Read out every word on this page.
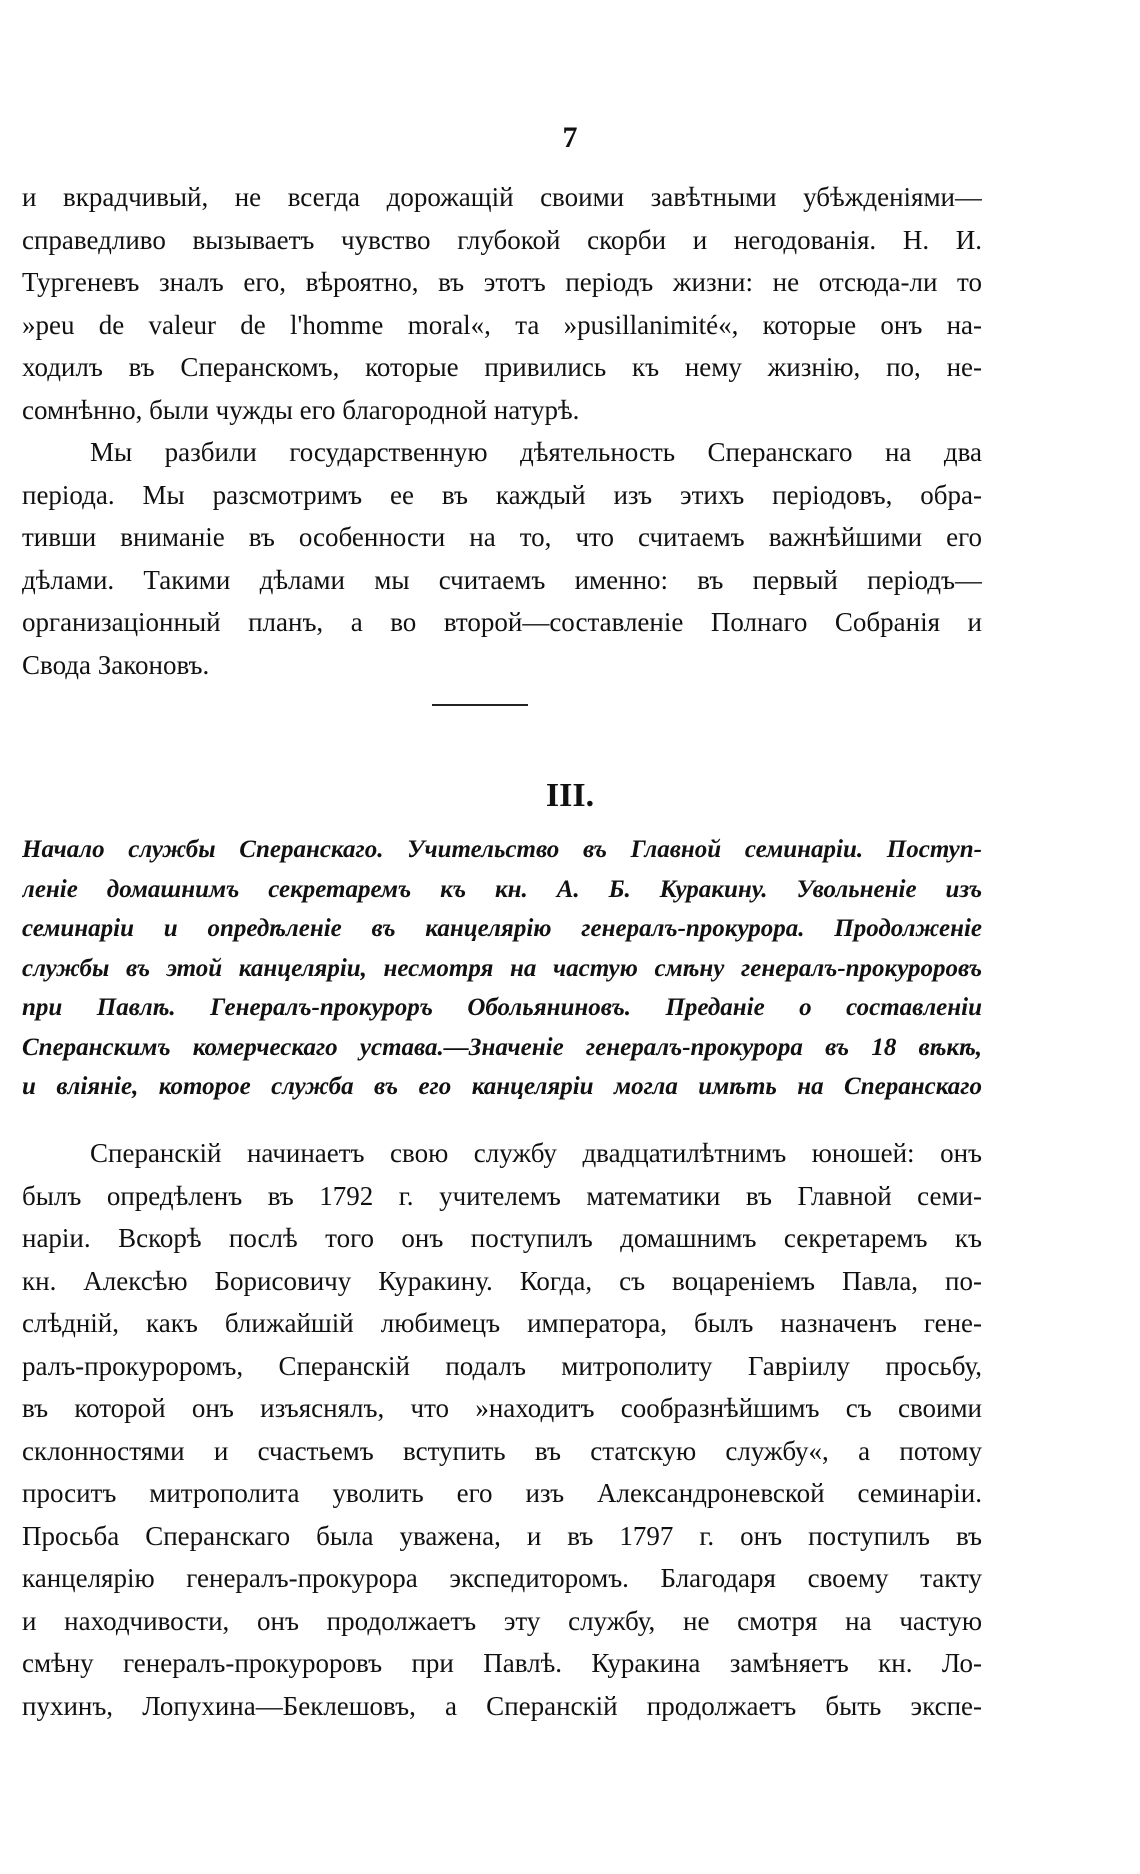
7
и вкрадчивый, не всегда дорожащій своими завѣтными убѣжденіями—
справедливо вызываетъ чувство глубокой скорби и негодованія. Н. И.
Тургеневъ зналъ его, вѣроятно, въ этотъ періодъ жизни: не отсюда-ли то
»peu de valeur de l'homme moral«, та »pusillanimité«, которые онъ на-
ходилъ въ Сперанскомъ, которые привились къ нему жизнію, по, не-
сомнѣнно, были чужды его благородной натурѣ.
Мы разбили государственную дѣятельность Сперанскаго на два
періода. Мы разсмотримъ ее въ каждый изъ этихъ періодовъ, обра-
тивши вниманіе въ особенности на то, что считаемъ важнѣйшими его
дѣлами. Такими дѣлами мы считаемъ именно: въ первый періодъ—
организаціонный планъ, а во второй—составленіе Полнаго Собранія и
Свода Законовъ.
III.
Начало службы Сперанскаго. Учительство въ Главной семинаріи. Поступ-
леніе домашнимъ секретаремъ къ кн. А. Б. Куракину. Увольненіе изъ
семинаріи и опредѣленіе въ канцелярію генералъ-прокурора. Продолженіе
службы въ этой канцеляріи, несмотря на частую смѣну генералъ-прокуроровъ
при Павлѣ. Генералъ-прокуроръ Обольяниновъ. Преданіе о составленіи
Сперанскимъ комерческаго устава.—Значеніе генералъ-прокурора въ 18 вѣкѣ,
и вліяніе, которое служба въ его канцеляріи могла имѣть на Сперанскаго
Сперанскій начинаетъ свою службу двадцатилѣтнимъ юношей: онъ
былъ опредѣленъ въ 1792 г. учителемъ математики въ Главной семи-
наріи. Вскорѣ послѣ того онъ поступилъ домашнимъ секретаремъ къ
кн. Алексѣю Борисовичу Куракину. Когда, съ воцареніемъ Павла, по-
слѣдній, какъ ближайшій любимецъ императора, былъ назначенъ гене-
ралъ-прокуроромъ, Сперанскій подалъ митрополиту Гавріилу просьбу,
въ которой онъ изъяснялъ, что »находитъ сообразнѣйшимъ съ своими
склонностями и счастьемъ вступить въ статскую службу«, а потому
проситъ митрополита уволить его изъ Александроневской семинаріи.
Просьба Сперанскаго была уважена, и въ 1797 г. онъ поступилъ въ
канцелярію генералъ-прокурора экспедиторомъ. Благодаря своему такту
и находчивости, онъ продолжаетъ эту службу, не смотря на частую
смѣну генералъ-прокуроровъ при Павлѣ. Куракина замѣняетъ кн. Ло-
пухинъ, Лопухина—Беклешовъ, а Сперанскій продолжаетъ быть экспе-
